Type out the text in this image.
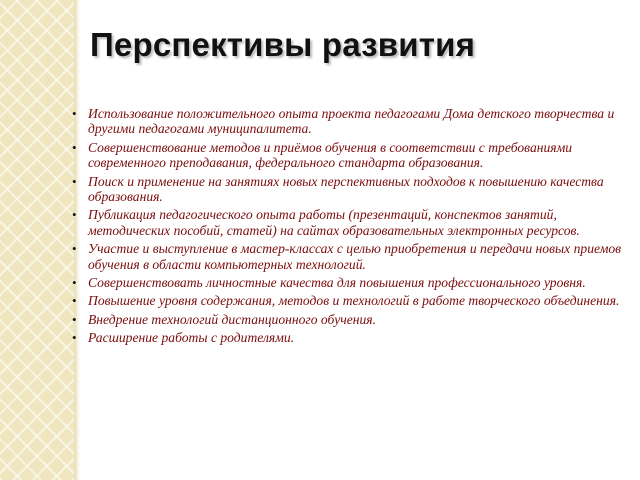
Перспективы развития
• Использование положительного опыта проекта педагогами Дома детского творчества и другими педагогами муниципалитета.
• Совершенствование методов и приёмов обучения в соответствии с требованиями современного преподавания, федерального стандарта образования.
• Поиск и применение на занятиях новых перспективных подходов к повышению качества образования.
• Публикация педагогического опыта работы (презентаций, конспектов занятий, методических пособий, статей) на сайтах образовательных электронных ресурсов.
• Участие и выступление в мастер-классах с целью приобретения и передачи новых приемов обучения в области компьютерных технологий.
• Совершенствовать личностные качества для повышения профессионального уровня.
• Повышение уровня содержания, методов и технологий в работе творческого объединения.
• Внедрение технологий дистанционного обучения.
• Расширение работы с родителями.
